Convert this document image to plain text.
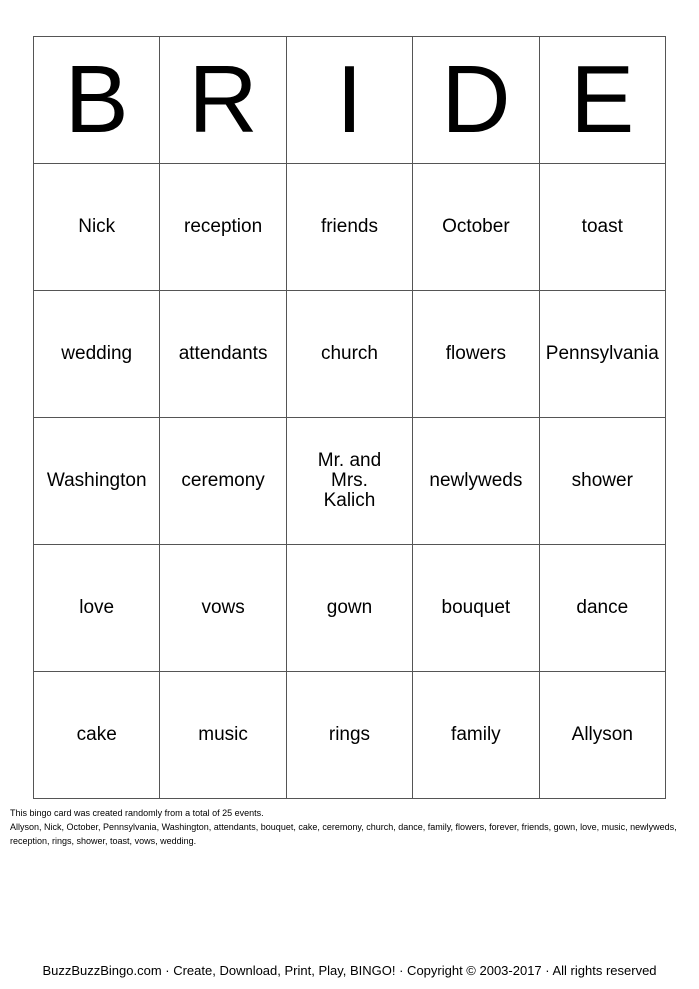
B	R	I	D	E
Nick	reception	friends	October	toast
wedding	attendants	church	flowers	Pennsylvania
Washington	ceremony	Mr. and Mrs. Kalich	newlyweds	shower
love	vows	gown	bouquet	dance
cake	music	rings	family	Allyson

This bingo card was created randomly from a total of 25 events.

Allyson, Nick, October, Pennsylvania, Washington, attendants, bouquet, cake, ceremony, church, dance, family, flowers, forever, friends, gown, love, music, newlyweds, reception, rings, shower, toast, vows, wedding.

BuzzBuzzBingo.com · Create, Download, Print, Play, BINGO! · Copyright © 2003-2017 · All rights reserved
